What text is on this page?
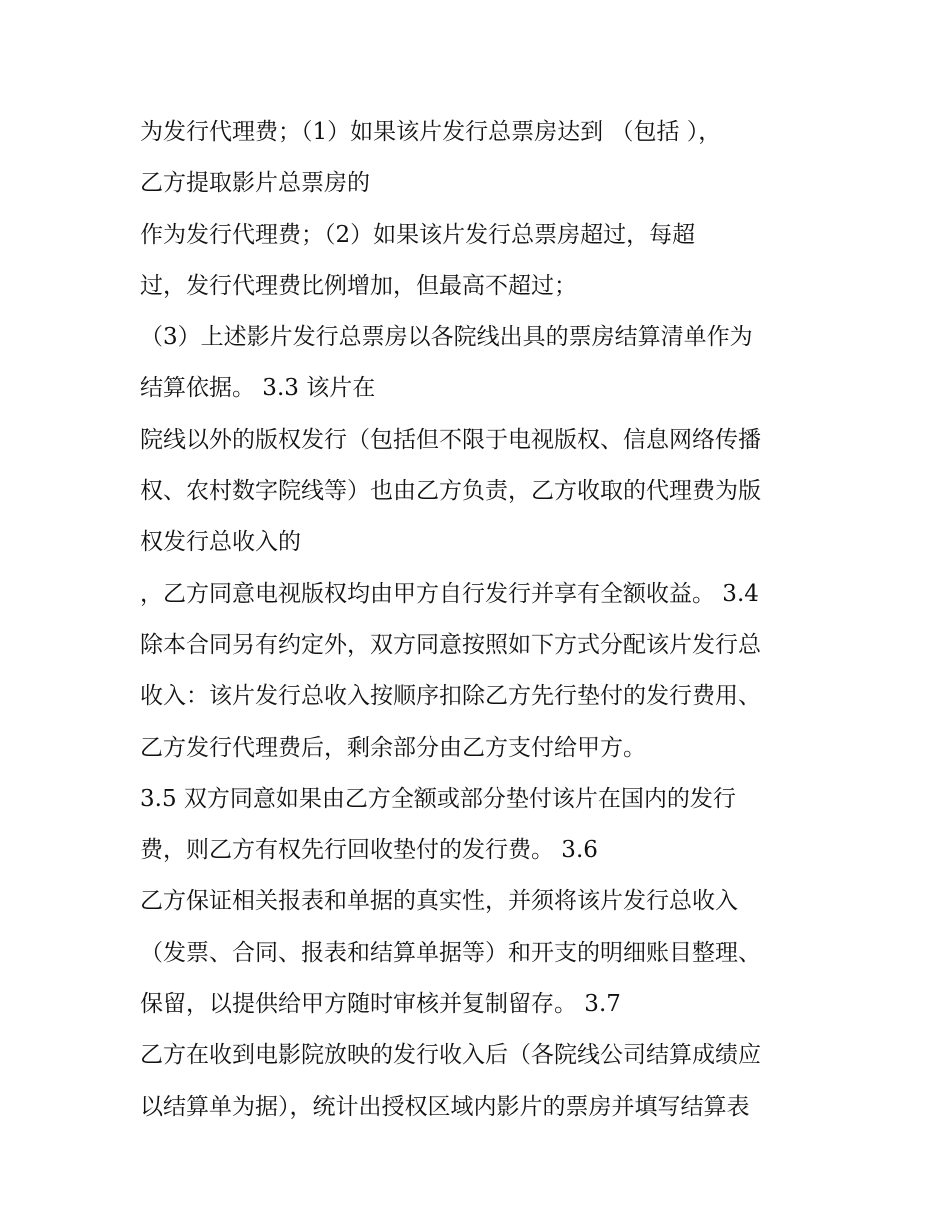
为发行代理费；（1）如果该片发行总票房达到 （包括 ），
乙方提取影片总票房的
作为发行代理费；（2）如果该片发行总票房超过，每超
过，发行代理费比例增加，但最高不超过；
（3）上述影片发行总票房以各院线出具的票房结算清单作为
结算依据。 3.3 该片在
院线以外的版权发行（包括但不限于电视版权、信息网络传播
权、农村数字院线等）也由乙方负责，乙方收取的代理费为版
权发行总收入的
，乙方同意电视版权均由甲方自行发行并享有全额收益。 3.4
除本合同另有约定外，双方同意按照如下方式分配该片发行总
收入：该片发行总收入按顺序扣除乙方先行垫付的发行费用、
乙方发行代理费后，剩余部分由乙方支付给甲方。
3.5 双方同意如果由乙方全额或部分垫付该片在国内的发行
费，则乙方有权先行回收垫付的发行费。 3.6
乙方保证相关报表和单据的真实性，并须将该片发行总收入
（发票、合同、报表和结算单据等）和开支的明细账目整理、
保留，以提供给甲方随时审核并复制留存。 3.7
乙方在收到电影院放映的发行收入后（各院线公司结算成绩应
以结算单为据），统计出授权区域内影片的票房并填写结算表
